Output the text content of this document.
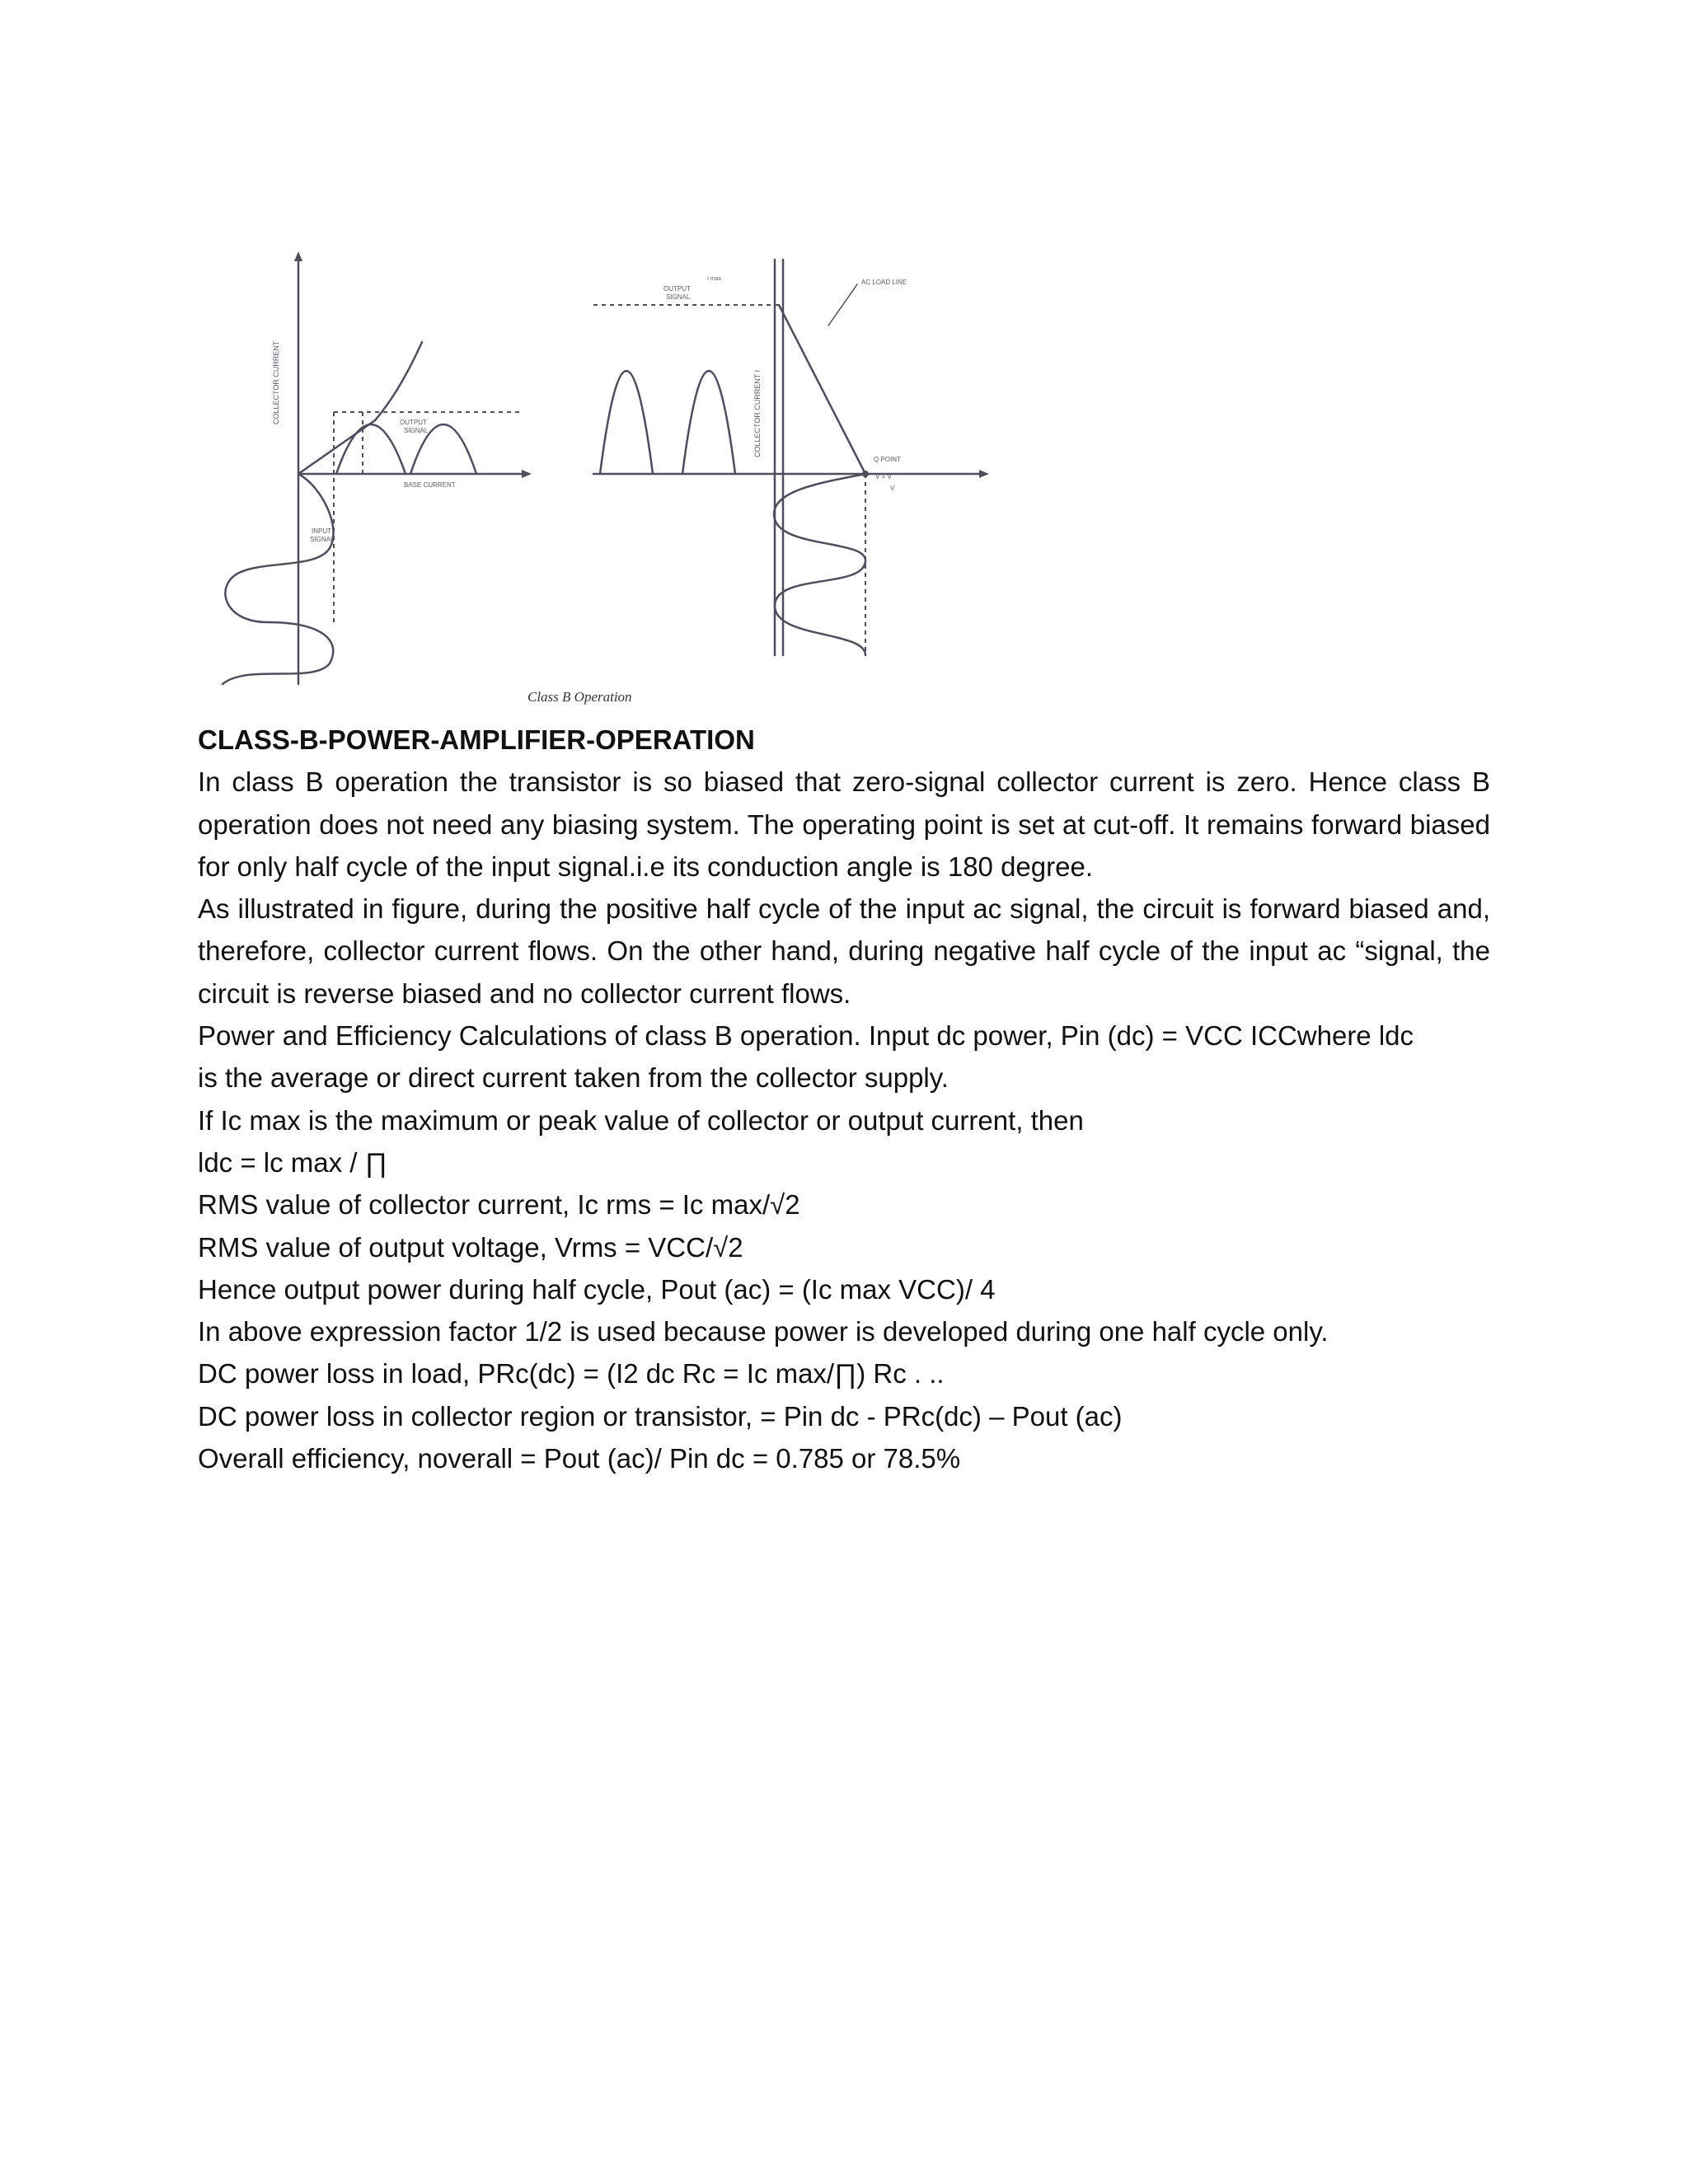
COLLECTOR CURRENT	COLLECTOR CURRENT I
OUTPUT
SIGNAL
BASE CURRENT
INPUT
SIGNAL
OUTPUT
SIGNAL
AC LOAD LINE
Q POINT
I max
V = V
V
Class B Operation

CLASS-B-POWER-AMPLIFIER-OPERATION

In class B operation the transistor is so biased that zero-signal collector current is zero. Hence class B operation does not need any biasing system. The operating point is set at cut-off. It remains forward biased for only half cycle of the input signal.i.e its conduction angle is 180 degree.

As illustrated in figure, during the positive half cycle of the input ac signal, the circuit is forward biased and, therefore, collector current flows. On the other hand, during negative half cycle of the input ac “signal, the circuit is reverse biased and no collector current flows.

Power and Efficiency Calculations of class B operation. Input dc power, Pin (dc) = VCC ICCwhere ldc

is the average or direct current taken from the collector supply.

If Ic max is the maximum or peak value of collector or output current, then

ldc = lc max / ∏

RMS value of collector current, Ic rms = Ic max/√2

RMS value of output voltage, Vrms = VCC/√2

Hence output power during half cycle, Pout (ac) = (Ic max VCC)/ 4

In above expression factor 1/2 is used because power is developed during one half cycle only.

DC power loss in load, PRc(dc) = (I2 dc Rc = Ic max/∏) Rc . ..

DC power loss in collector region or transistor, = Pin dc - PRc(dc) – Pout (ac)

Overall efficiency, noverall = Pout (ac)/ Pin dc = 0.785 or 78.5%
